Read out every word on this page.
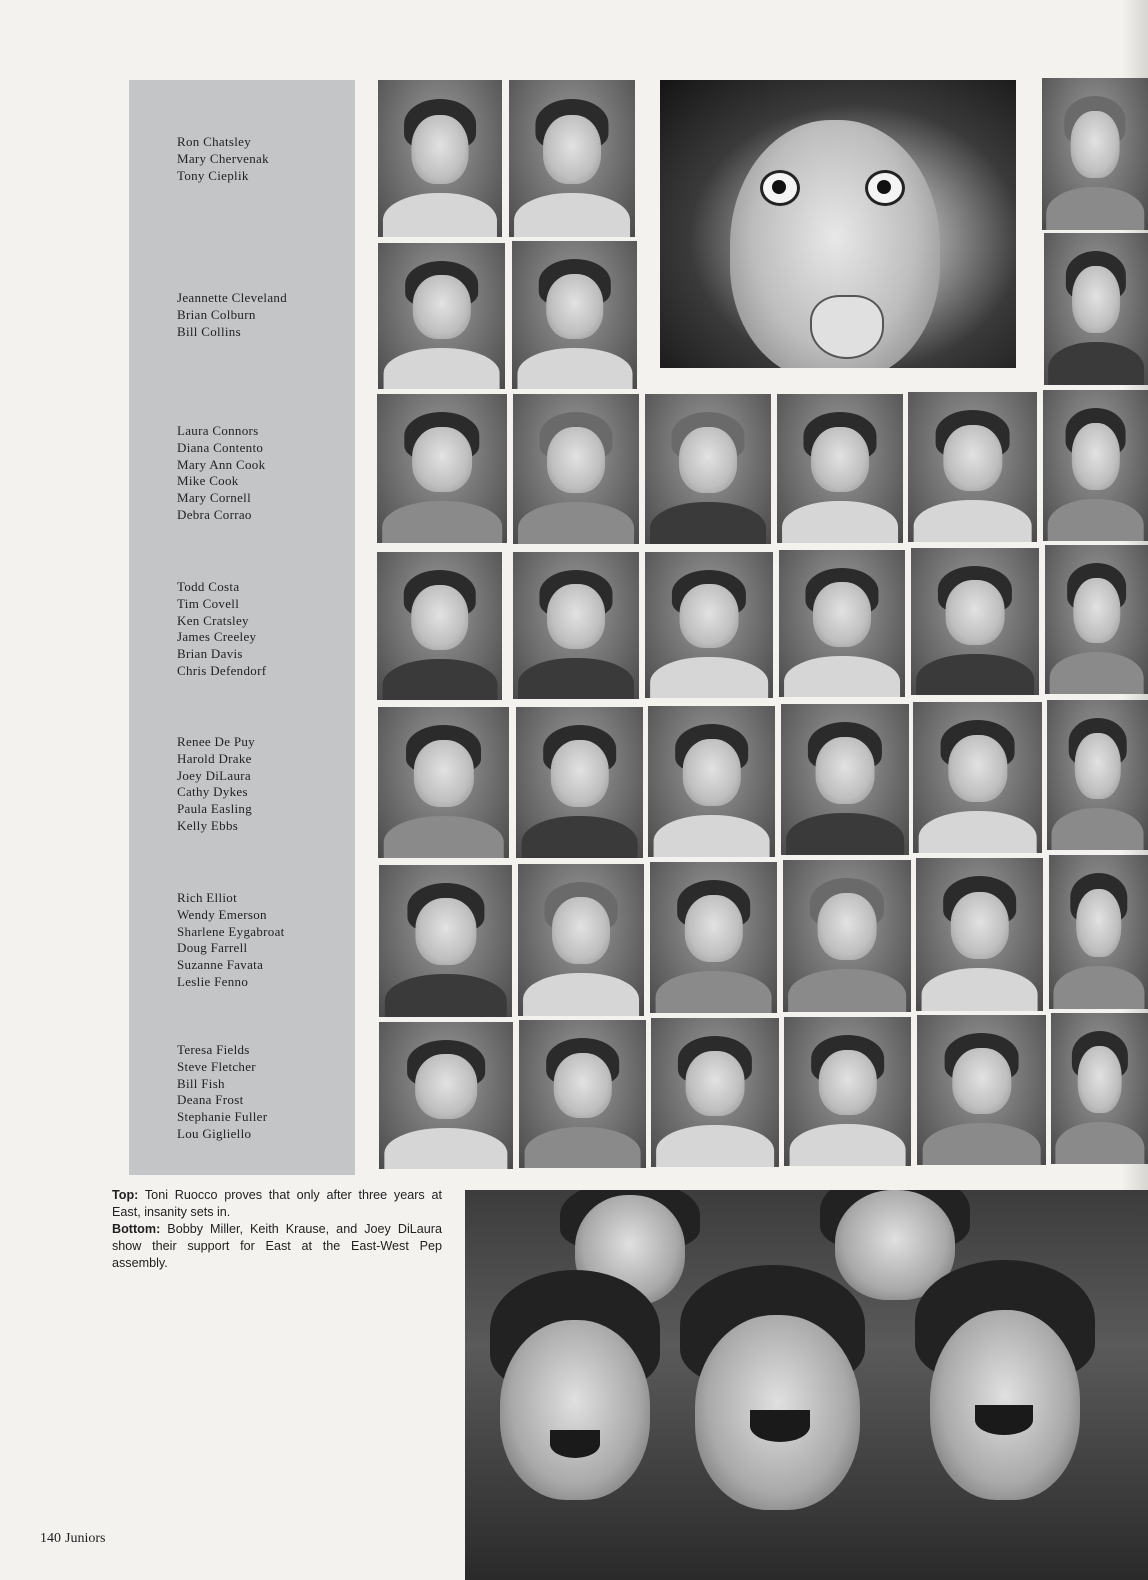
Ron Chatsley
Mary Chervenak
Tony Cieplik
Jeannette Cleveland
Brian Colburn
Bill Collins
Laura Connors
Diana Contento
Mary Ann Cook
Mike Cook
Mary Cornell
Debra Corrao
Todd Costa
Tim Covell
Ken Cratsley
James Creeley
Brian Davis
Chris Defendorf
Renee De Puy
Harold Drake
Joey DiLaura
Cathy Dykes
Paula Easling
Kelly Ebbs
Rich Elliot
Wendy Emerson
Sharlene Eygabroat
Doug Farrell
Suzanne Favata
Leslie Fenno
Teresa Fields
Steve Fletcher
Bill Fish
Deana Frost
Stephanie Fuller
Lou Gigliello
Top: Toni Ruocco proves that only after three years at East, insanity sets in.
Bottom: Bobby Miller, Keith Krause, and Joey DiLaura show their support for East at the East-West Pep assembly.
140 Juniors
